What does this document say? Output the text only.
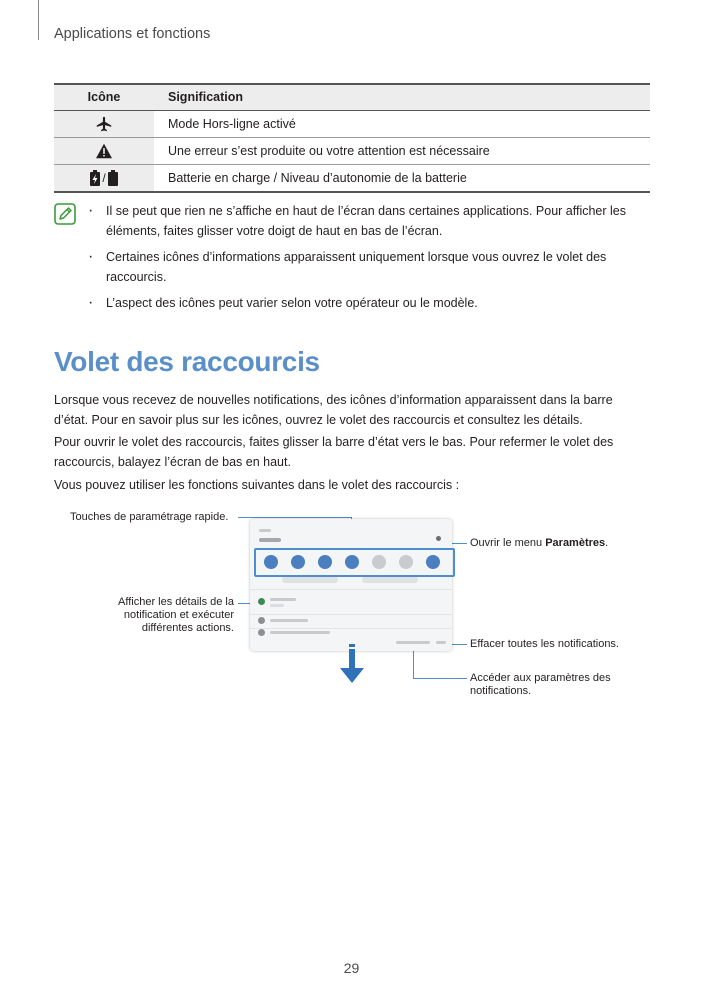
Applications et fonctions
Icône	Signification
Mode Hors-ligne activé
Une erreur s’est produite ou votre attention est nécessaire
/	Batterie en charge / Niveau d’autonomie de la batterie
· Il se peut que rien ne s’affiche en haut de l’écran dans certaines applications. Pour afficher les éléments, faites glisser votre doigt de haut en bas de l’écran.
· Certaines icônes d’informations apparaissent uniquement lorsque vous ouvrez le volet des raccourcis.
· L’aspect des icônes peut varier selon votre opérateur ou le modèle.
Volet des raccourcis
Lorsque vous recevez de nouvelles notifications, des icônes d’information apparaissent dans la barre d’état. Pour en savoir plus sur les icônes, ouvrez le volet des raccourcis et consultez les détails.
Pour ouvrir le volet des raccourcis, faites glisser la barre d’état vers le bas. Pour refermer le volet des raccourcis, balayez l’écran de bas en haut.
Vous pouvez utiliser les fonctions suivantes dans le volet des raccourcis :
Touches de paramétrage rapide.
Ouvrir le menu Paramètres.
Afficher les détails de la notification et exécuter différentes actions.
Effacer toutes les notifications.
Accéder aux paramètres des notifications.
29
